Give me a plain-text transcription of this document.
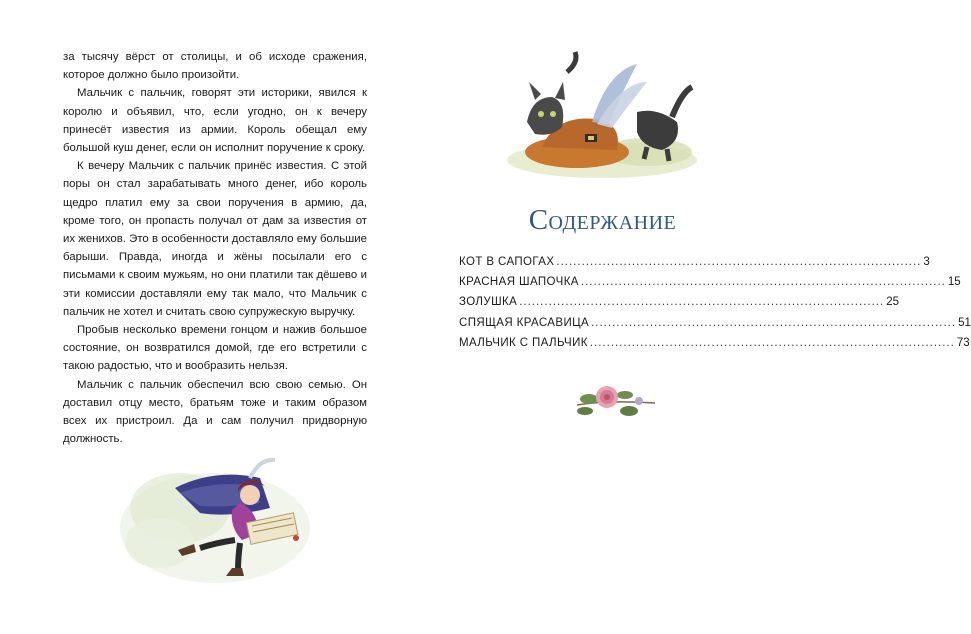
за тысячу вёрст от столицы, и об исходе сражения, которое должно было произойти.

Мальчик с пальчик, говорят эти историки, явился к королю и объявил, что, если угодно, он к вечеру принесёт известия из армии. Король обещал ему большой куш денег, если он исполнит поручение к сроку.

К вечеру Мальчик с пальчик принёс известия. С этой поры он стал зарабатывать много денег, ибо король щедро платил ему за свои поручения в армию, да, кроме того, он пропасть получал от дам за известия от их женихов. Это в особенности доставляло ему большие барыши. Правда, иногда и жёны посылали его с письмами к своим мужьям, но они платили так дёшево и эти комиссии доставляли ему так мало, что Мальчик с пальчик не хотел и считать свою супружескую выручку.

Пробыв несколько времени гонцом и нажив большое состояние, он возвратился домой, где его встретили с такою радостью, что и вообразить нельзя.

Мальчик с пальчик обеспечил всю свою семью. Он доставил отцу место, братьям тоже и таким образом всех их пристроил. Да и сам получил придворную должность.

Содержание
КОТ В САПОГАХ ....................................................................................... 3
КРАСНАЯ ШАПОЧКА ....................................................................................... 15
ЗОЛУШКА ....................................................................................... 25
СПЯЩАЯ КРАСАВИЦА ....................................................................................... 51
МАЛЬЧИК С ПАЛЬЧИК ....................................................................................... 73
